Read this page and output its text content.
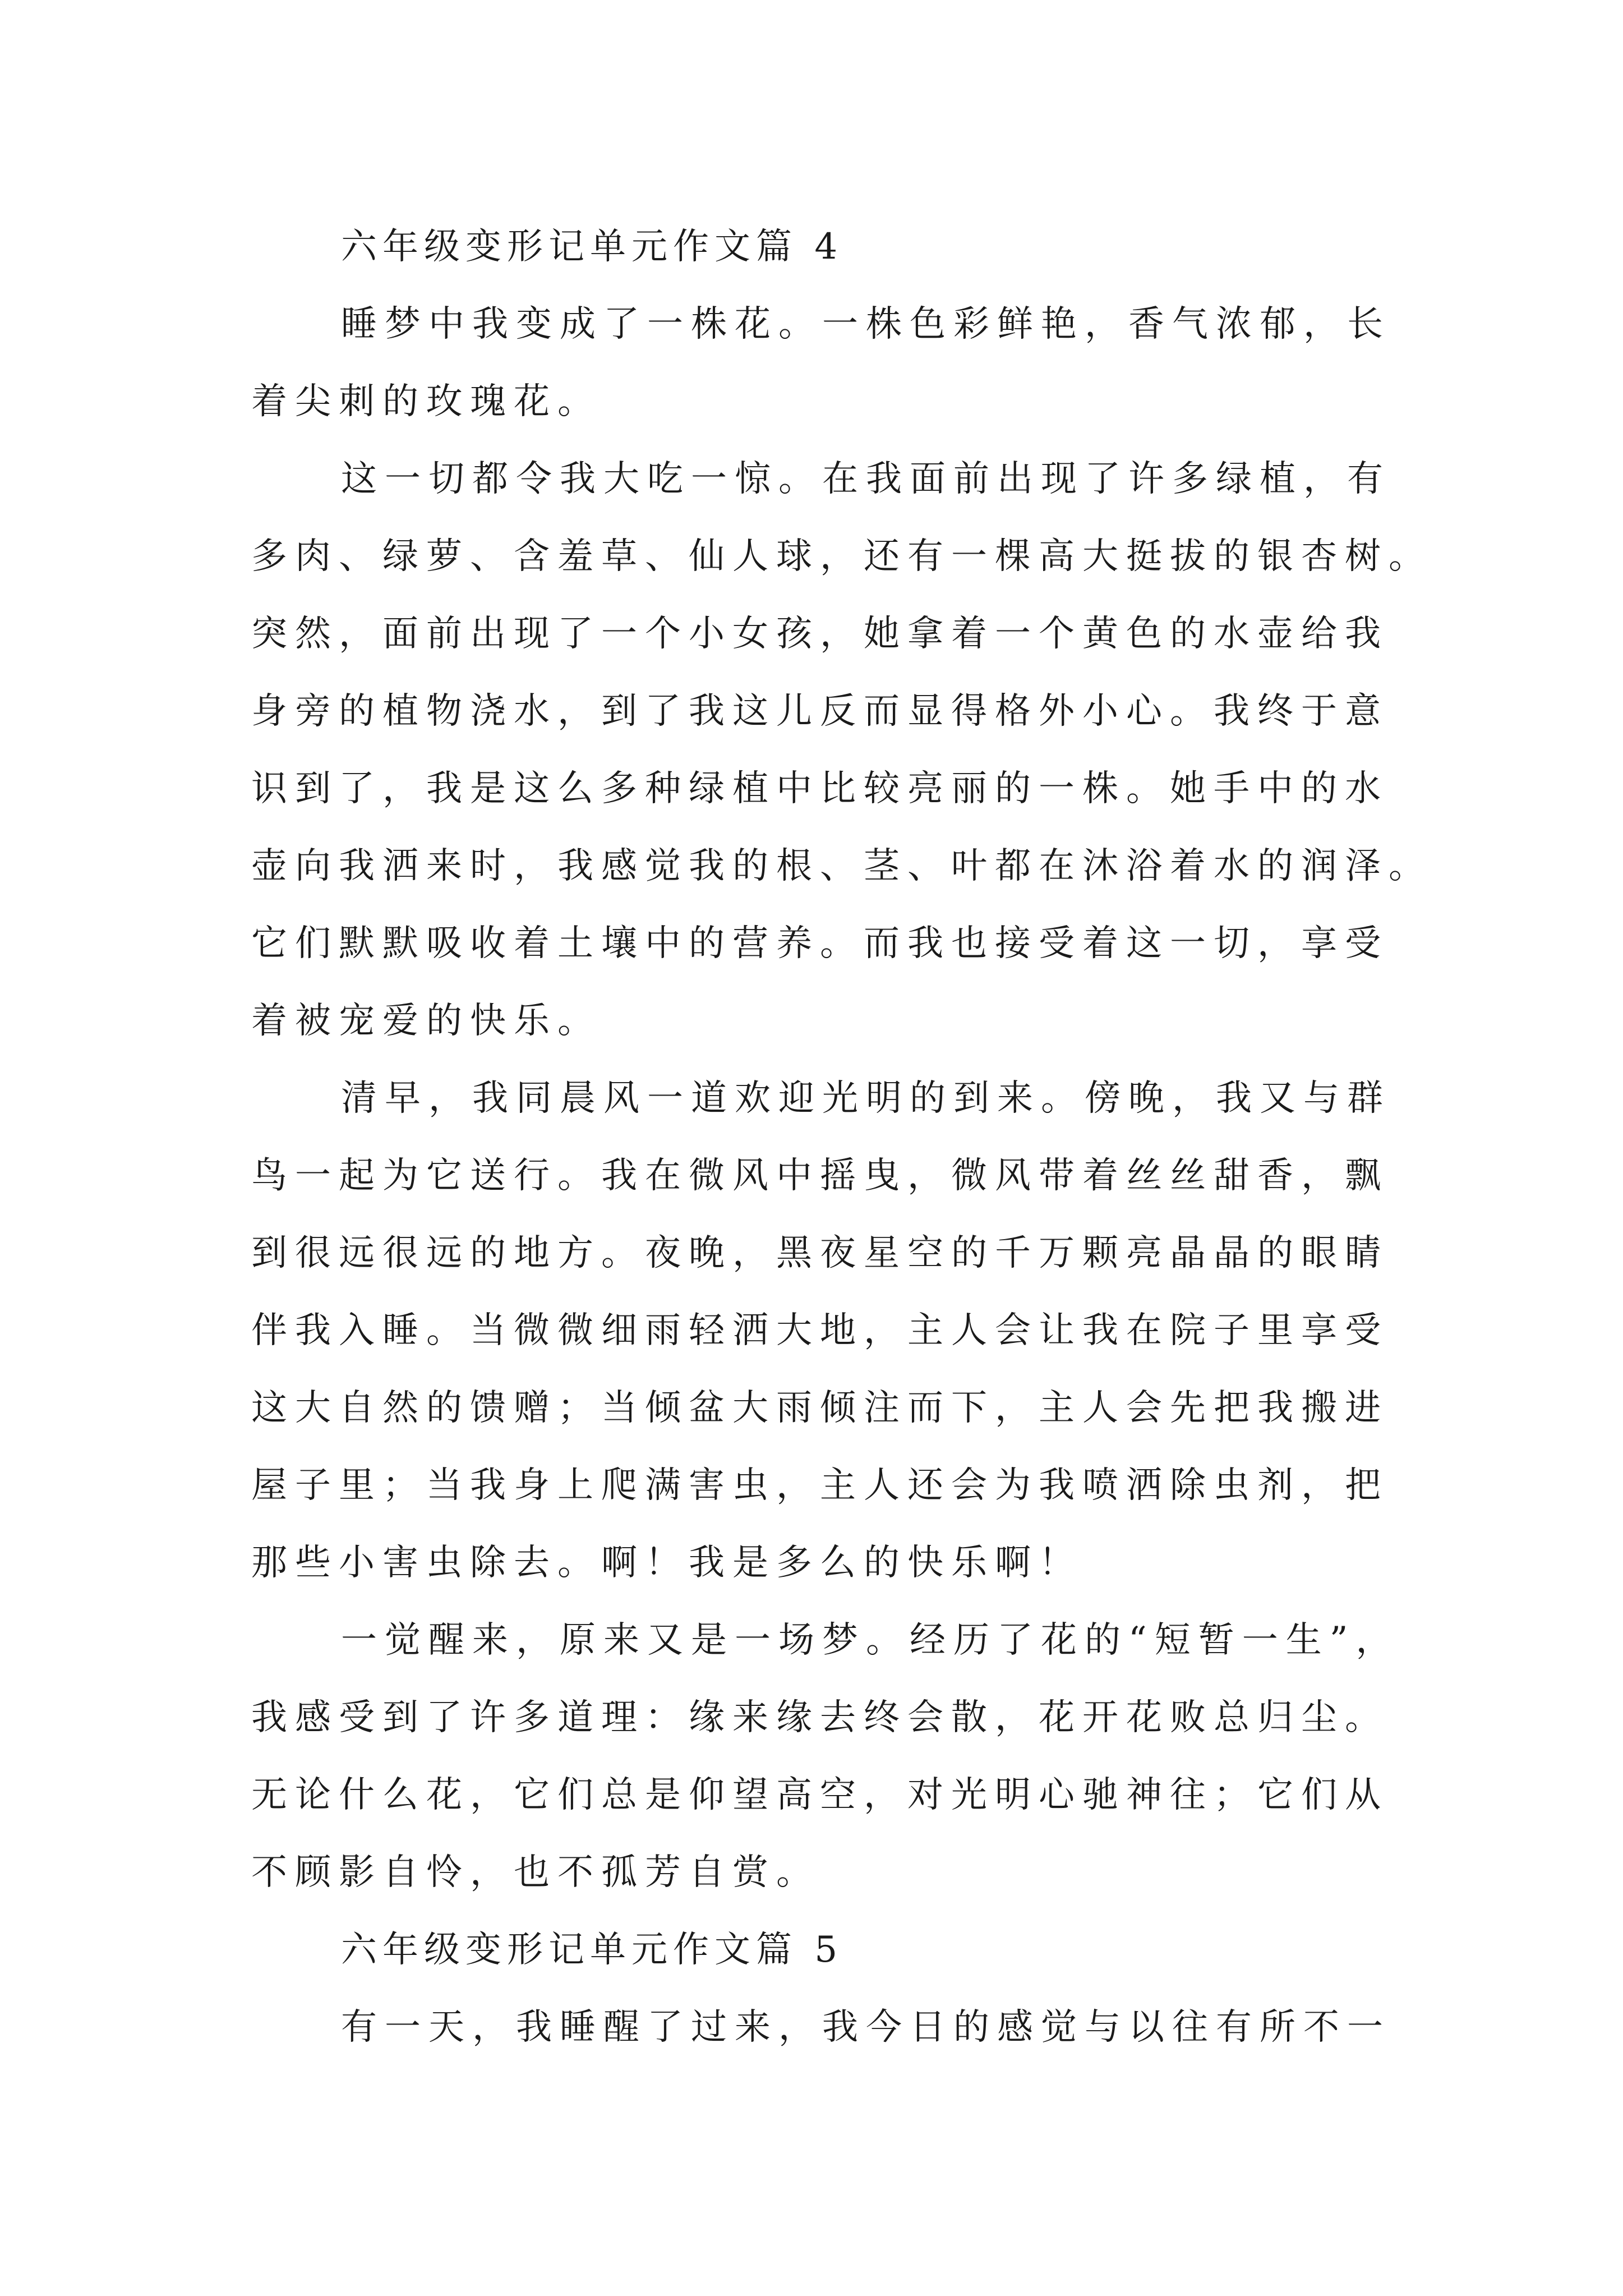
六年级变形记单元作文篇 4
睡梦中我变成了一株花。一株色彩鲜艳，香气浓郁，长
着尖刺的玫瑰花。
这一切都令我大吃一惊。在我面前出现了许多绿植，有
多肉、绿萝、含羞草、仙人球，还有一棵高大挺拔的银杏树。
突然，面前出现了一个小女孩，她拿着一个黄色的水壶给我
身旁的植物浇水，到了我这儿反而显得格外小心。我终于意
识到了，我是这么多种绿植中比较亮丽的一株。她手中的水
壶向我洒来时，我感觉我的根、茎、叶都在沐浴着水的润泽。
它们默默吸收着土壤中的营养。而我也接受着这一切，享受
着被宠爱的快乐。
清早，我同晨风一道欢迎光明的到来。傍晚，我又与群
鸟一起为它送行。我在微风中摇曳，微风带着丝丝甜香，飘
到很远很远的地方。夜晚，黑夜星空的千万颗亮晶晶的眼睛
伴我入睡。当微微细雨轻洒大地，主人会让我在院子里享受
这大自然的馈赠；当倾盆大雨倾注而下，主人会先把我搬进
屋子里；当我身上爬满害虫，主人还会为我喷洒除虫剂，把
那些小害虫除去。啊！我是多么的快乐啊！
一觉醒来，原来又是一场梦。经历了花的“短暂一生”，
我感受到了许多道理：缘来缘去终会散，花开花败总归尘。
无论什么花，它们总是仰望高空，对光明心驰神往；它们从
不顾影自怜，也不孤芳自赏。
六年级变形记单元作文篇 5
有一天，我睡醒了过来，我今日的感觉与以往有所不一
